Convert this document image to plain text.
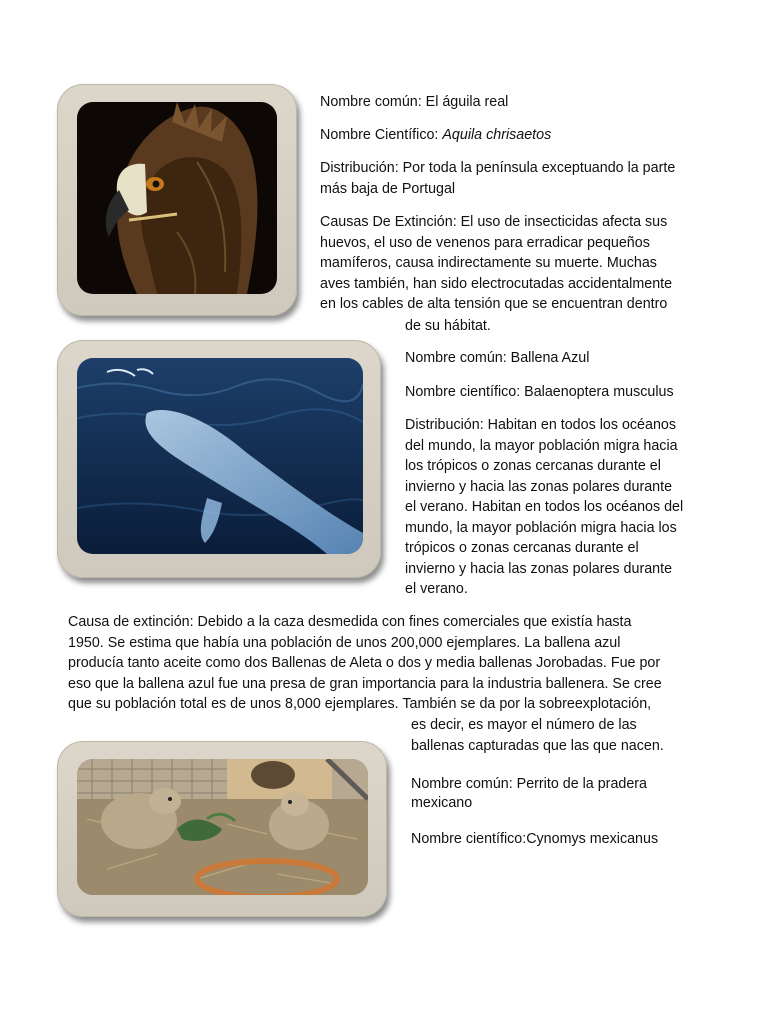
Nombre común: El águila real

Nombre Científico: Aquila chrisaetos

Distribución: Por toda la península exceptuando la parte
más baja de Portugal
Causas De Extinción: El uso de insecticidas afecta sus
huevos, el uso de venenos para erradicar pequeños
mamíferos, causa indirectamente su muerte. Muchas
aves también, han sido electrocutadas accidentalmente
en los cables de alta tensión que se encuentran dentro

de su hábitat.

Nombre común: Ballena Azul

Nombre científico: Balaenoptera musculus

Distribución: Habitan en todos los océanos
del mundo, la mayor población migra hacia
los trópicos o zonas cercanas durante el
invierno y hacia las zonas polares durante
el verano. Habitan en todos los océanos del
mundo, la mayor población migra hacia los
trópicos o zonas cercanas durante el
invierno y hacia las zonas polares durante
el verano.
Causa de extinción: Debido a la caza desmedida con fines comerciales que existía hasta
1950. Se estima que había una población de unos 200,000 ejemplares. La ballena azul
producía tanto aceite como dos Ballenas de Aleta o dos y media ballenas Jorobadas. Fue por
eso que la ballena azul fue una presa de gran importancia para la industria ballenera. Se cree
que su población total es de unos 8,000 ejemplares. También se da por la sobreexplotación,
es decir, es mayor el número de las
ballenas capturadas que las que nacen.
Nombre común: Perrito de la pradera
mexicano

Nombre científico:Cynomys mexicanus
